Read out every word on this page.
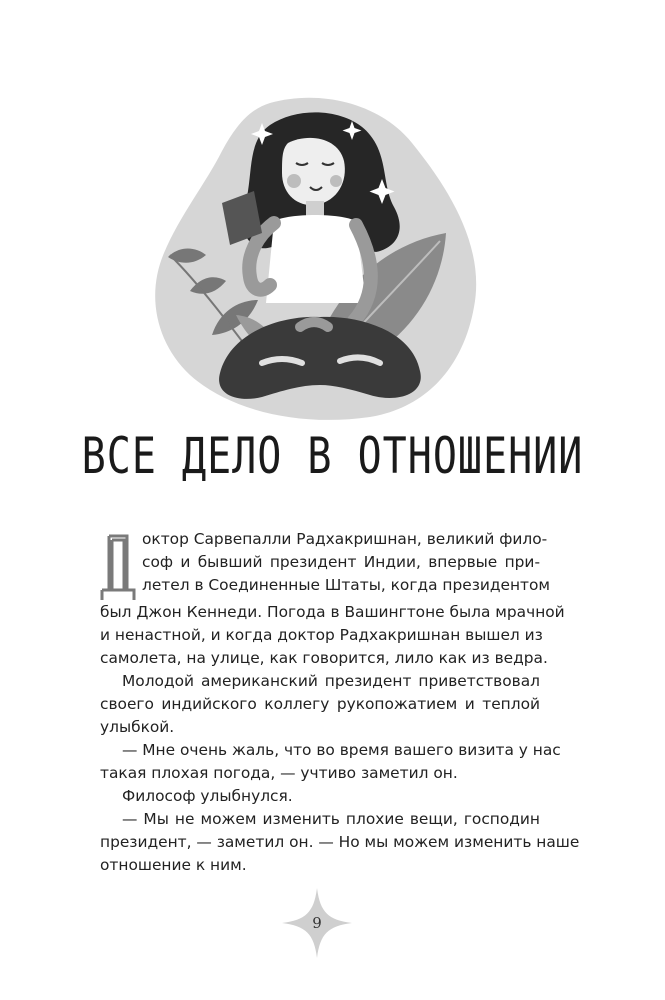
ВСЕ ДЕЛО В ОТНОШЕНИИ

октор Сарвепалли Радхакришнан, великий фило-
соф и бывший президент Индии, впервые при-
летел в Соединенные Штаты, когда президентом
был Джон Кеннеди. Погода в Вашингтоне была мрачной
и ненастной, и когда доктор Радхакришнан вышел из
самолета, на улице, как говорится, лило как из ведра.

Молодой американский президент приветствовал
своего индийского коллегу рукопожатием и теплой
улыбкой.

— Мне очень жаль, что во время вашего визита у нас
такая плохая погода, — учтиво заметил он.

Философ улыбнулся.

— Мы не можем изменить плохие вещи, господин
президент, — заметил он. — Но мы можем изменить наше
отношение к ним.

9
